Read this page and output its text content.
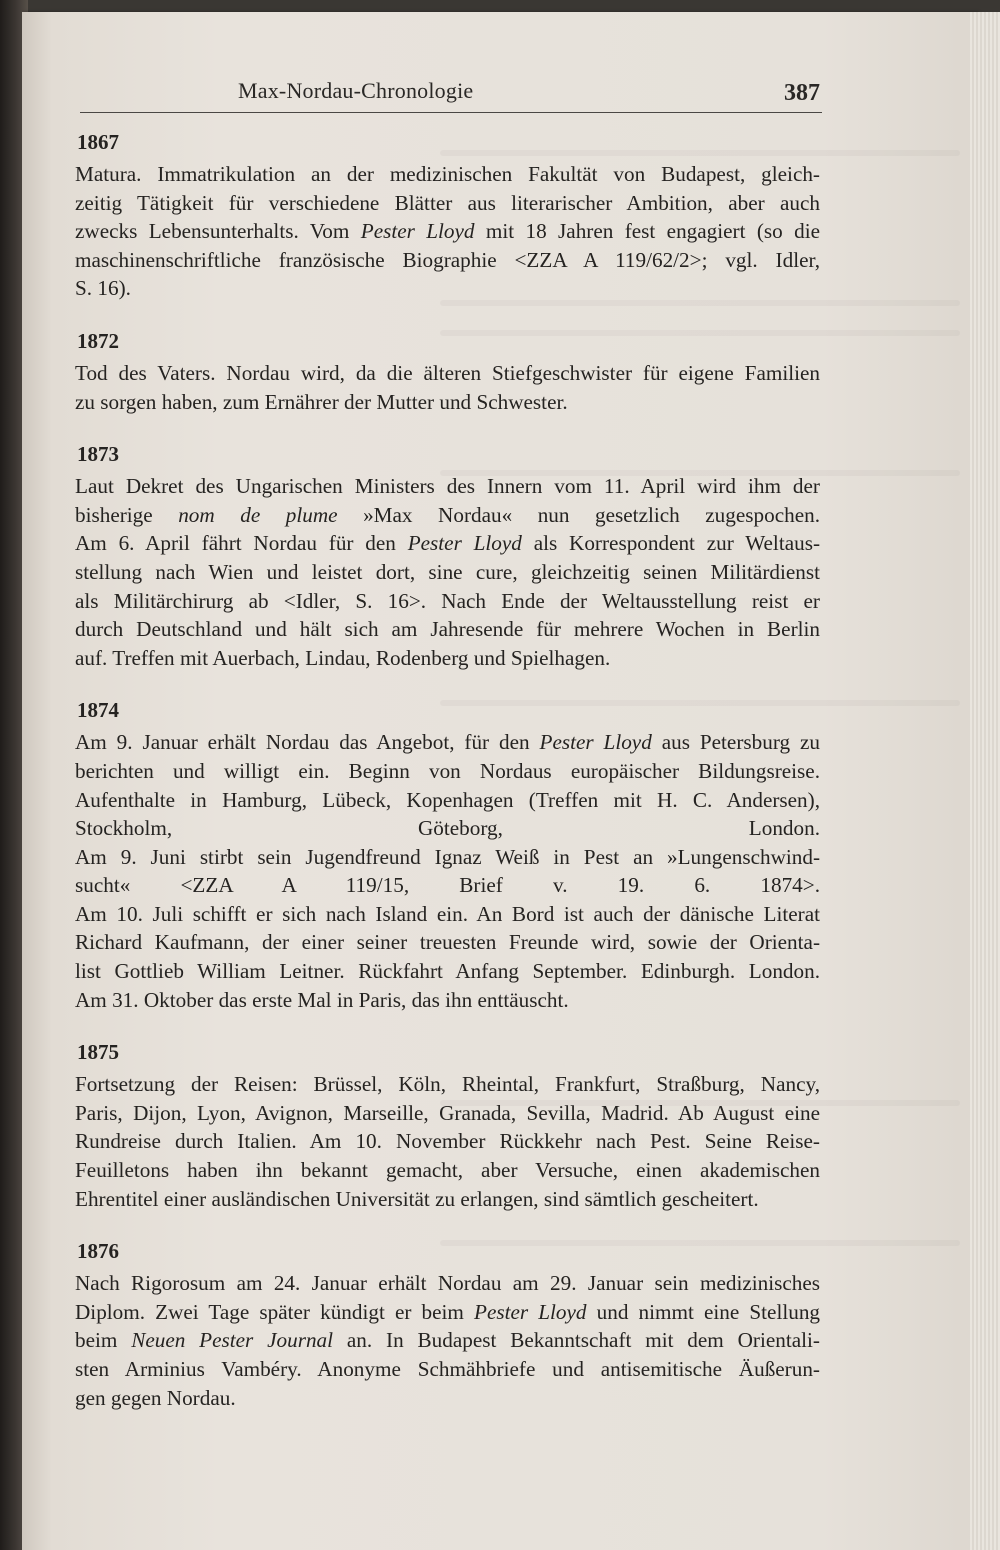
Max-Nordau-Chronologie	387
1867
Matura. Immatrikulation an der medizinischen Fakultät von Budapest, gleich-
zeitig Tätigkeit für verschiedene Blätter aus literarischer Ambition, aber auch
zwecks Lebensunterhalts. Vom Pester Lloyd mit 18 Jahren fest engagiert (so die
maschinenschriftliche französische Biographie <ZZA A 119/62/2>; vgl. Idler,
S. 16).
1872
Tod des Vaters. Nordau wird, da die älteren Stiefgeschwister für eigene Familien
zu sorgen haben, zum Ernährer der Mutter und Schwester.
1873
Laut Dekret des Ungarischen Ministers des Innern vom 11. April wird ihm der
bisherige nom de plume »Max Nordau« nun gesetzlich zugespochen.
Am 6. April fährt Nordau für den Pester Lloyd als Korrespondent zur Weltaus-
stellung nach Wien und leistet dort, sine cure, gleichzeitig seinen Militärdienst
als Militärchirurg ab <Idler, S. 16>. Nach Ende der Weltausstellung reist er
durch Deutschland und hält sich am Jahresende für mehrere Wochen in Berlin
auf. Treffen mit Auerbach, Lindau, Rodenberg und Spielhagen.
1874
Am 9. Januar erhält Nordau das Angebot, für den Pester Lloyd aus Petersburg zu
berichten und willigt ein. Beginn von Nordaus europäischer Bildungsreise.
Aufenthalte in Hamburg, Lübeck, Kopenhagen (Treffen mit H. C. Andersen),
Stockholm, Göteborg, London.
Am 9. Juni stirbt sein Jugendfreund Ignaz Weiß in Pest an »Lungenschwind-
sucht« <ZZA A 119/15, Brief v. 19. 6. 1874>.
Am 10. Juli schifft er sich nach Island ein. An Bord ist auch der dänische Literat
Richard Kaufmann, der einer seiner treuesten Freunde wird, sowie der Orienta-
list Gottlieb William Leitner. Rückfahrt Anfang September. Edinburgh. London.
Am 31. Oktober das erste Mal in Paris, das ihn enttäuscht.
1875
Fortsetzung der Reisen: Brüssel, Köln, Rheintal, Frankfurt, Straßburg, Nancy,
Paris, Dijon, Lyon, Avignon, Marseille, Granada, Sevilla, Madrid. Ab August eine
Rundreise durch Italien. Am 10. November Rückkehr nach Pest. Seine Reise-
Feuilletons haben ihn bekannt gemacht, aber Versuche, einen akademischen
Ehrentitel einer ausländischen Universität zu erlangen, sind sämtlich gescheitert.
1876
Nach Rigorosum am 24. Januar erhält Nordau am 29. Januar sein medizinisches
Diplom. Zwei Tage später kündigt er beim Pester Lloyd und nimmt eine Stellung
beim Neuen Pester Journal an. In Budapest Bekanntschaft mit dem Orientali-
sten Arminius Vambéry. Anonyme Schmähbriefe und antisemitische Äußerun-
gen gegen Nordau.
